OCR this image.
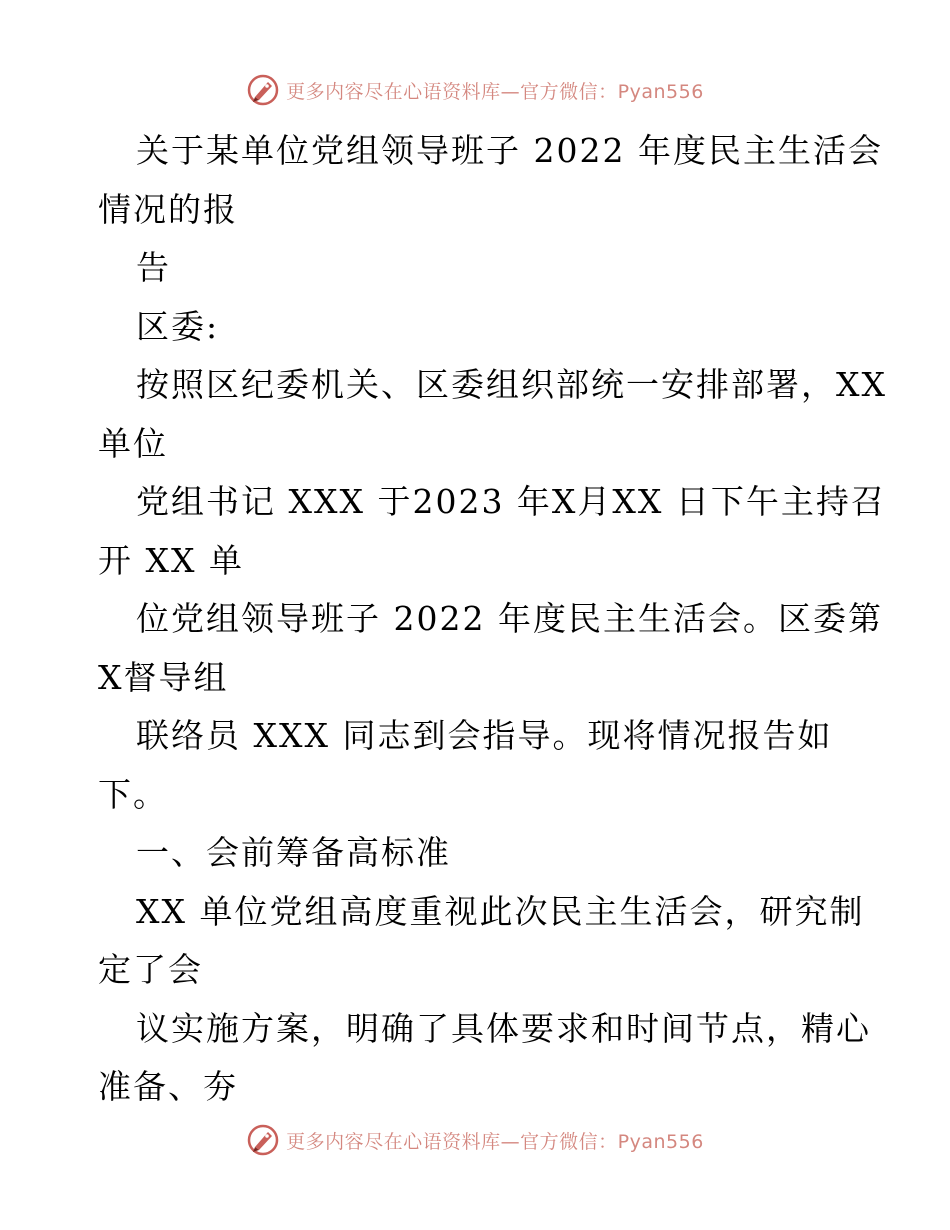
更多内容尽在心语资料库—官方微信：Pyan556
关于某单位党组领导班子 2022 年度民主生活会
情况的报
告
区委:
按照区纪委机关、区委组织部统一安排部署，XX
单位
党组书记 XXX 于2023 年X月XX 日下午主持召
开 XX 单
位党组领导班子 2022 年度民主生活会。区委第
X督导组
联络员 XXX 同志到会指导。现将情况报告如
下。
一、会前筹备高标准
XX 单位党组高度重视此次民主生活会，研究制
定了会
议实施方案，明确了具体要求和时间节点，精心
准备、夯
更多内容尽在心语资料库—官方微信：Pyan556
